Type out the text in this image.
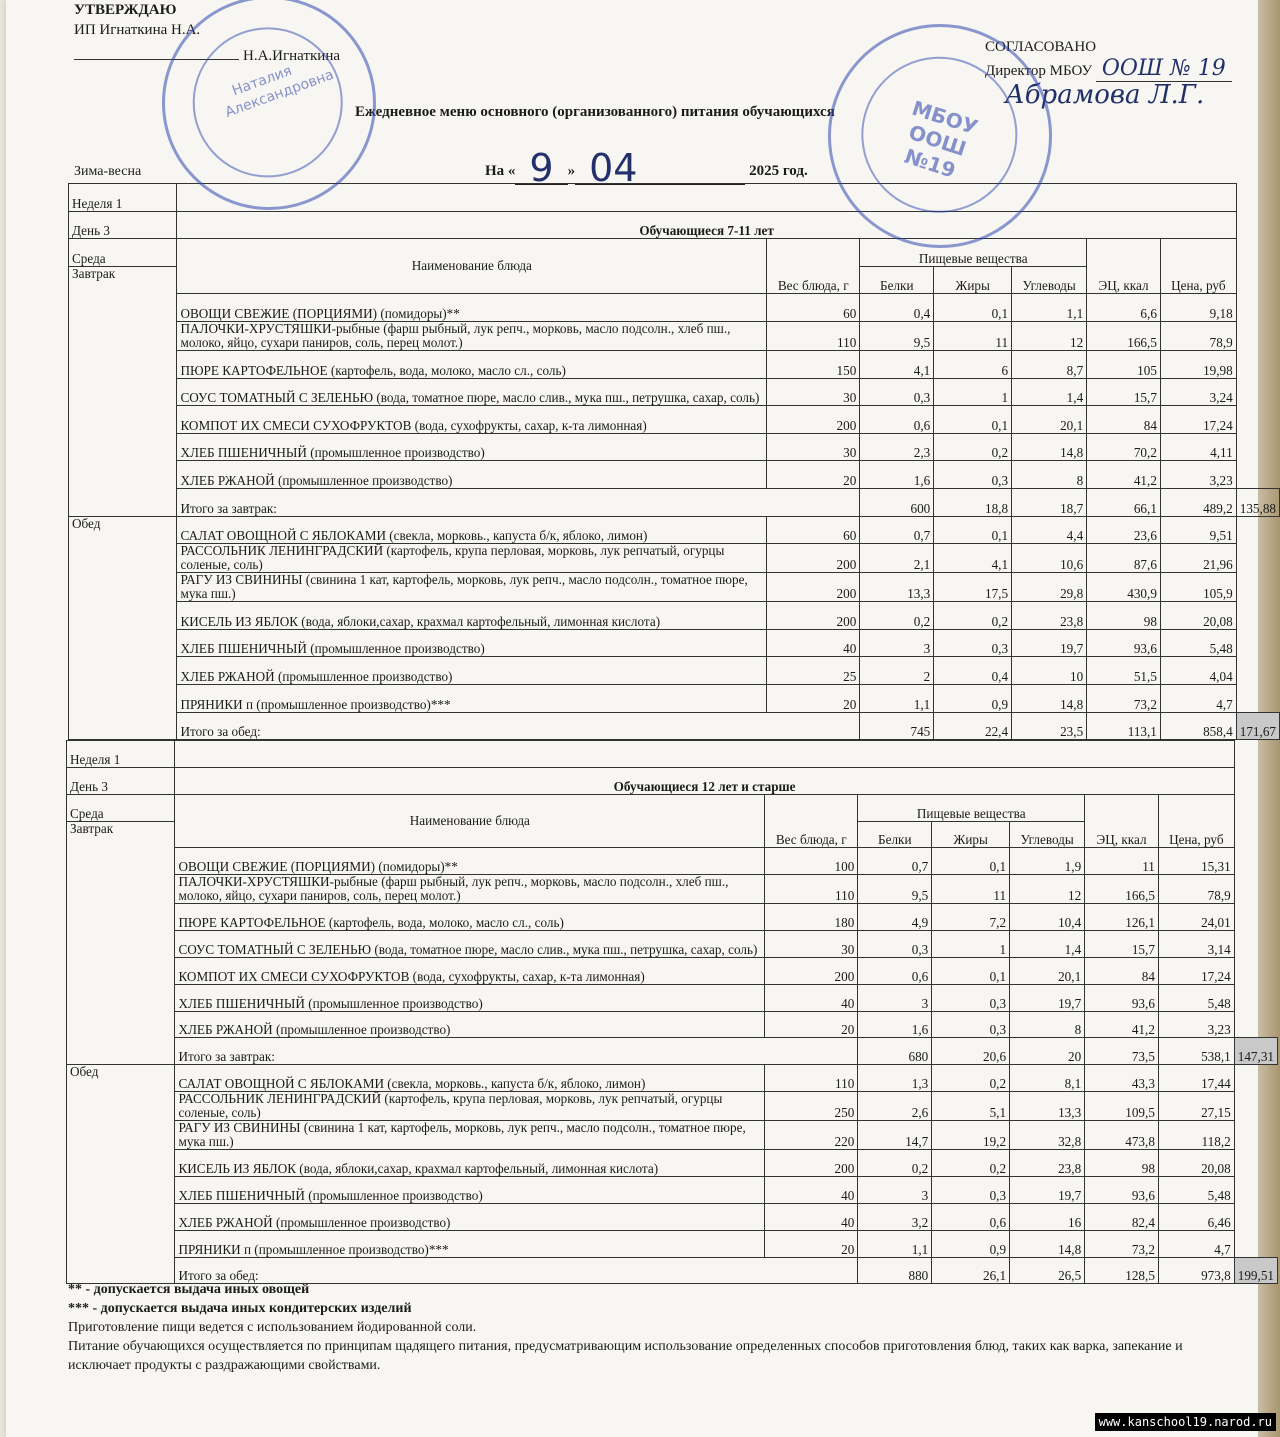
УТВЕРЖДАЮ
ИП Игнаткина Н.А.
Н.А.Игнаткина
СОГЛАСОВАНО
Директор МБОУ ООШ № 19
Абрамова Л.Г.
Ежедневное меню основного (организованного) питания обучающихся
На « 9 » 04	2025 год.
Зима-весна
Неделя 1								
День 3	Обучающиеся 7-11 лет							
Среда	Наименование блюда	Вес блюда, г	Пищевые вещества			ЭЦ, ккал	Цена, руб	
Завтрак			Белки	Жиры	Углеводы			
	ОВОЩИ СВЕЖИЕ (ПОРЦИЯМИ) (помидоры)**	60	0,4	0,1	1,1	6,6	9,18	
	ПАЛОЧКИ-ХРУСТЯШКИ-рыбные (фарш рыбный, лук репч., морковь, масло подсолн., хлеб пш., молоко, яйцо, сухари паниров, соль, перец молот.)	110	9,5	11	12	166,5	78,9	
	ПЮРЕ КАРТОФЕЛЬНОЕ (картофель, вода, молоко, масло сл., соль)	150	4,1	6	8,7	105	19,98	
	СОУС ТОМАТНЫЙ С ЗЕЛЕНЬЮ (вода, томатное пюре, масло слив., мука пш., петрушка, сахар, соль)	30	0,3	1	1,4	15,7	3,24	
	КОМПОТ ИХ СМЕСИ СУХОФРУКТОВ (вода, сухофрукты, сахар, к-та лимонная)	200	0,6	0,1	20,1	84	17,24	
	ХЛЕБ ПШЕНИЧНЫЙ (промышленное производство)	30	2,3	0,2	14,8	70,2	4,11	
	ХЛЕБ РЖАНОЙ (промышленное производство)	20	1,6	0,3	8	41,2	3,23	
	Итого за завтрак:		600	18,8	18,7	66,1	489,2	135,88
Обед	САЛАТ ОВОЩНОЙ С ЯБЛОКАМИ (свекла, морковь., капуста б/к, яблоко, лимон)	60	0,7	0,1	4,4	23,6	9,51	
	РАССОЛЬНИК ЛЕНИНГРАДСКИЙ (картофель, крупа перловая, морковь, лук репчатый, огурцы соленые, соль)	200	2,1	4,1	10,6	87,6	21,96	
	РАГУ ИЗ СВИНИНЫ (свинина 1 кат, картофель, морковь, лук репч., масло подсолн., томатное пюре, мука пш.)	200	13,3	17,5	29,8	430,9	105,9	
	КИСЕЛЬ ИЗ ЯБЛОК (вода, яблоки,сахар, крахмал картофельный, лимонная кислота)	200	0,2	0,2	23,8	98	20,08	
	ХЛЕБ ПШЕНИЧНЫЙ (промышленное производство)	40	3	0,3	19,7	93,6	5,48	
	ХЛЕБ РЖАНОЙ (промышленное производство)	25	2	0,4	10	51,5	4,04	
	ПРЯНИКИ п (промышленное производство)***	20	1,1	0,9	14,8	73,2	4,7	
	Итого за обед:		745	22,4	23,5	113,1	858,4	171,67
Неделя 1								
День 3	Обучающиеся 12 лет и старше							
Среда	Наименование блюда	Вес блюда, г	Пищевые вещества			ЭЦ, ккал	Цена, руб	
Завтрак			Белки	Жиры	Углеводы			
	ОВОЩИ СВЕЖИЕ (ПОРЦИЯМИ) (помидоры)**	100	0,7	0,1	1,9	11	15,31	
	ПАЛОЧКИ-ХРУСТЯШКИ-рыбные (фарш рыбный, лук репч., морковь, масло подсолн., хлеб пш., молоко, яйцо, сухари паниров, соль, перец молот.)	110	9,5	11	12	166,5	78,9	
	ПЮРЕ КАРТОФЕЛЬНОЕ (картофель, вода, молоко, масло сл., соль)	180	4,9	7,2	10,4	126,1	24,01	
	СОУС ТОМАТНЫЙ С ЗЕЛЕНЬЮ (вода, томатное пюре, масло слив., мука пш., петрушка, сахар, соль)	30	0,3	1	1,4	15,7	3,14	
	КОМПОТ ИХ СМЕСИ СУХОФРУКТОВ (вода, сухофрукты, сахар, к-та лимонная)	200	0,6	0,1	20,1	84	17,24	
	ХЛЕБ ПШЕНИЧНЫЙ (промышленное производство)	40	3	0,3	19,7	93,6	5,48	
	ХЛЕБ РЖАНОЙ (промышленное производство)	20	1,6	0,3	8	41,2	3,23	
	Итого за завтрак:		680	20,6	20	73,5	538,1	147,31
Обед	САЛАТ ОВОЩНОЙ С ЯБЛОКАМИ (свекла, морковь., капуста б/к, яблоко, лимон)	110	1,3	0,2	8,1	43,3	17,44	
	РАССОЛЬНИК ЛЕНИНГРАДСКИЙ (картофель, крупа перловая, морковь, лук репчатый, огурцы соленые, соль)	250	2,6	5,1	13,3	109,5	27,15	
	РАГУ ИЗ СВИНИНЫ (свинина 1 кат, картофель, морковь, лук репч., масло подсолн., томатное пюре, мука пш.)	220	14,7	19,2	32,8	473,8	118,2	
	КИСЕЛЬ ИЗ ЯБЛОК (вода, яблоки,сахар, крахмал картофельный, лимонная кислота)	200	0,2	0,2	23,8	98	20,08	
	ХЛЕБ ПШЕНИЧНЫЙ (промышленное производство)	40	3	0,3	19,7	93,6	5,48	
	ХЛЕБ РЖАНОЙ (промышленное производство)	40	3,2	0,6	16	82,4	6,46	
	ПРЯНИКИ п (промышленное производство)***	20	1,1	0,9	14,8	73,2	4,7	
	Итого за обед:		880	26,1	26,5	128,5	973,8	199,51
Наталия Александровна	МБОУ ООШ №19
** - допускается выдача иных овощей
*** - допускается выдача иных кондитерских изделий
Приготовление пищи ведется с использованием йодированной соли.
Питание обучающихся осуществляется по принципам щадящего питания, предусматривающим использование определенных способов приготовления блюд, таких как варка, запекание и исключает продукты с раздражающими свойствами.
www.kanschool19.narod.ru
